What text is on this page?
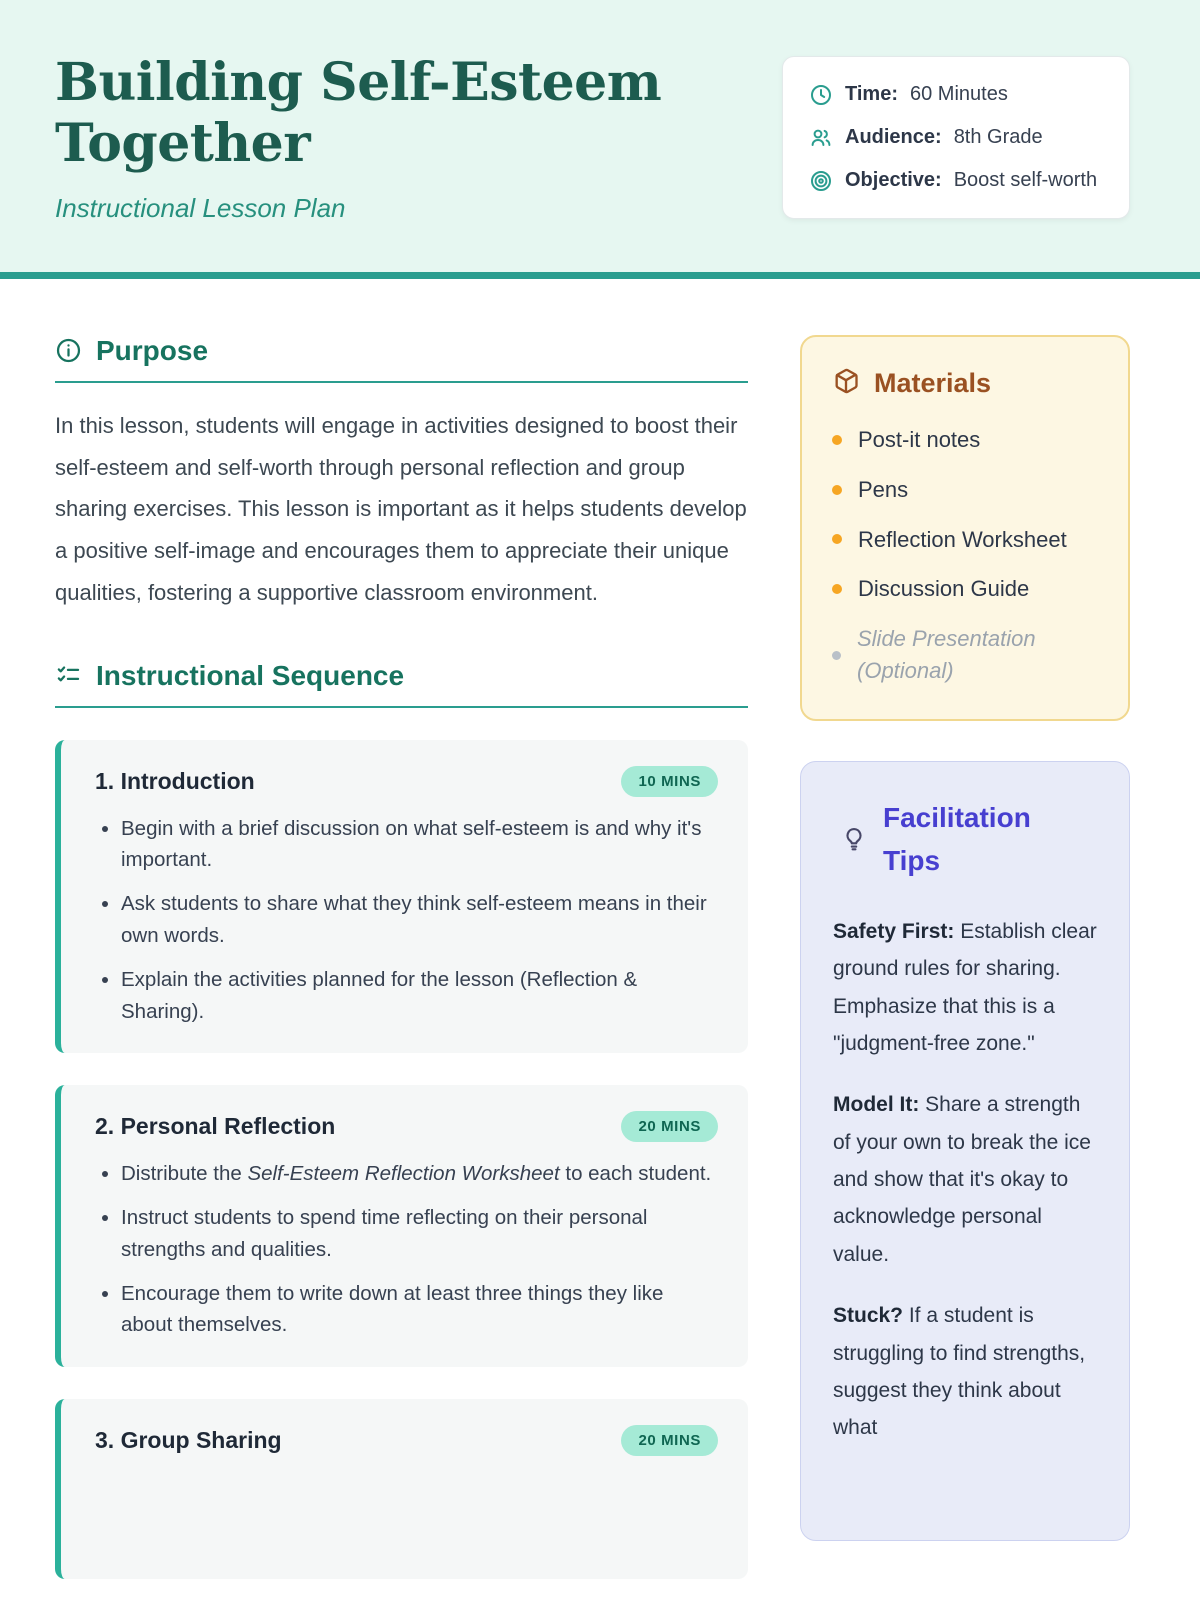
Building Self-Esteem Together
Instructional Lesson Plan
Time: 60 Minutes
Audience: 8th Grade
Objective: Boost self-worth
Purpose

In this lesson, students will engage in activities designed to boost their self-esteem and self-worth through personal reflection and group sharing exercises. This lesson is important as it helps students develop a positive self-image and encourages them to appreciate their unique qualities, fostering a supportive classroom environment.

Instructional Sequence
1. Introduction	10 MINS
• Begin with a brief discussion on what self-esteem is and why it's important.
• Ask students to share what they think self-esteem means in their own words.
• Explain the activities planned for the lesson (Reflection & Sharing).
2. Personal Reflection	20 MINS
• Distribute the Self-Esteem Reflection Worksheet to each student.
• Instruct students to spend time reflecting on their personal strengths and qualities.
• Encourage them to write down at least three things they like about themselves.
3. Group Sharing	20 MINS
Materials
Post-it notes
Pens
Reflection Worksheet
Discussion Guide
Slide Presentation (Optional)
Facilitation Tips

Safety First: Establish clear ground rules for sharing. Emphasize that this is a "judgment-free zone."

Model It: Share a strength of your own to break the ice and show that it's okay to acknowledge personal value.

Stuck? If a student is struggling to find strengths, suggest they think about what
